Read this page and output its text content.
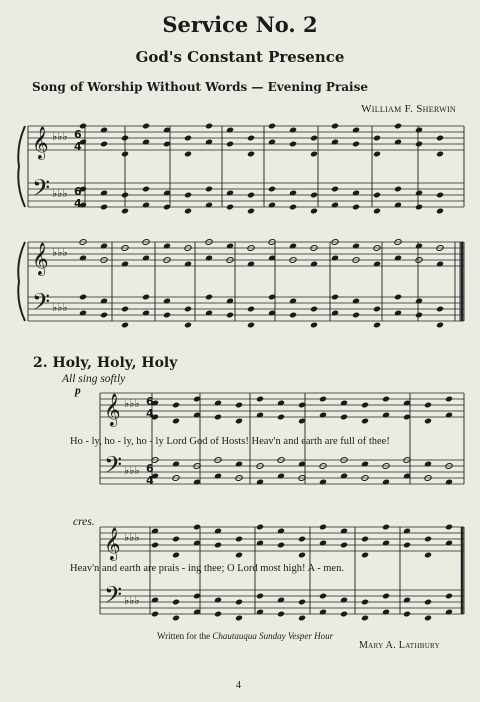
Service No. 2
God's Constant Presence
Song of Worship Without Words — Evening Praise
William F. Sherwin
𝄞
𝄢
𝄞
𝄢
𝄞
𝄢
𝄞
𝄢
♭♭♭ 6
4
♭♭♭ 6
4
♭♭♭
♭♭♭
♭♭♭ 6
4
♭♭♭ 6
4
♭♭♭
♭♭♭
2. Holy, Holy, Holy
All sing softly
p
Ho - ly, ho - ly, ho - ly Lord God of Hosts! Heav'n and earth are full of thee!
cres.
Heav'n and earth are prais - ing thee; O Lord most high! A - men.
Written for the Chautauqua Sunday Vesper Hour
Mary A. Lathbury
4
